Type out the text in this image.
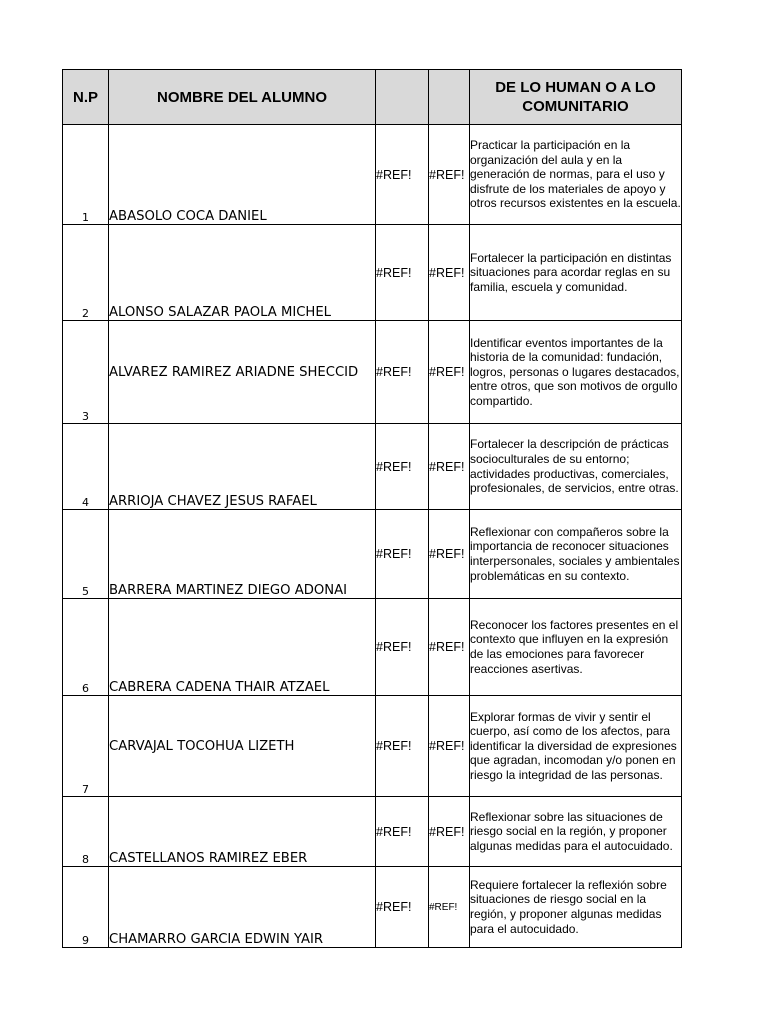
N.P	NOMBRE DEL ALUMNO			DE LO HUMAN O A LO COMUNITARIO
1	ABASOLO COCA DANIEL	#REF!	#REF!	Practicar la participación en la organización del aula y en la generación de normas, para el uso y disfrute de los materiales de apoyo y otros recursos existentes en la escuela.
2	ALONSO SALAZAR PAOLA MICHEL	#REF!	#REF!	Fortalecer la participación en distintas situaciones para acordar reglas en su familia, escuela y comunidad.
3	ALVAREZ RAMIREZ ARIADNE SHECCID	#REF!	#REF!	Identificar eventos importantes de la historia de la comunidad: fundación, logros, personas o lugares destacados, entre otros, que son motivos de orgullo compartido.
4	ARRIOJA CHAVEZ JESUS RAFAEL	#REF!	#REF!	Fortalecer la descripción de prácticas socioculturales de su entorno; actividades productivas, comerciales, profesionales, de servicios, entre otras.
5	BARRERA MARTINEZ DIEGO ADONAI	#REF!	#REF!	Reflexionar con compañeros sobre la importancia de reconocer situaciones interpersonales, sociales y ambientales problemáticas en su contexto.
6	CABRERA CADENA THAIR ATZAEL	#REF!	#REF!	Reconocer los factores presentes en el contexto que influyen en la expresión de las emociones para favorecer reacciones asertivas.
7	CARVAJAL TOCOHUA LIZETH	#REF!	#REF!	Explorar formas de vivir y sentir el cuerpo, así como de los afectos, para identificar la diversidad de expresiones que agradan, incomodan y/o ponen en riesgo la integridad de las personas.
8	CASTELLANOS RAMIREZ EBER	#REF!	#REF!	Reflexionar sobre las situaciones de riesgo social en la región, y proponer algunas medidas para el autocuidado.
9	CHAMARRO GARCIA EDWIN YAIR	#REF!	#REF!	Requiere fortalecer la reflexión sobre situaciones de riesgo social en la región, y proponer algunas medidas para el autocuidado.
